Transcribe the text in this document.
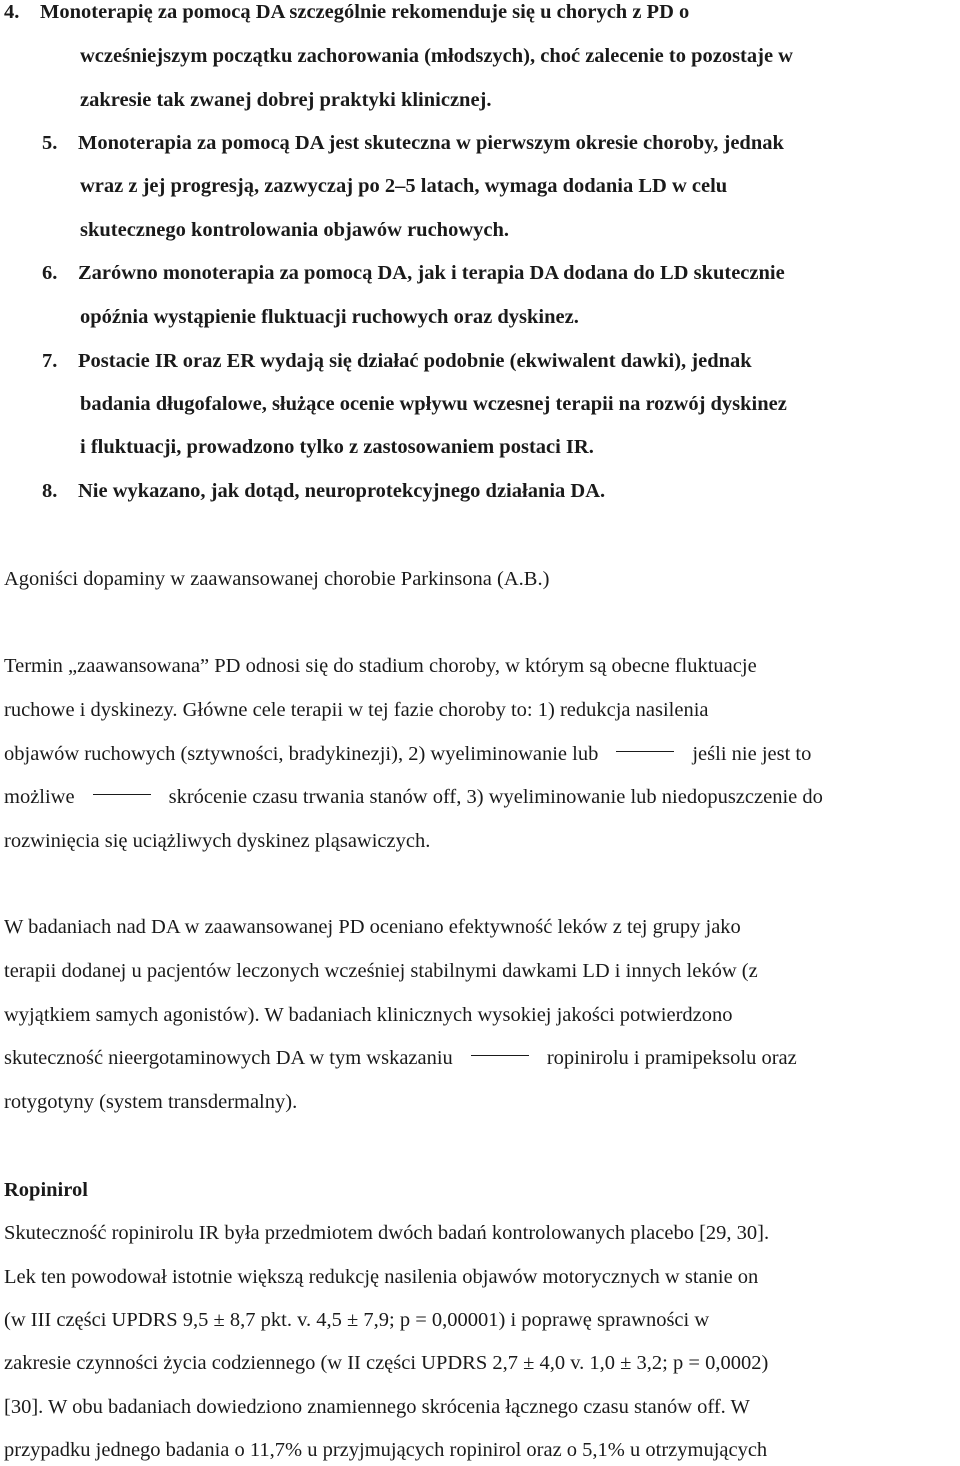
4. Monoterapię za pomocą DA szczególnie rekomenduje się u chorych z PD o
wcześniejszym początku zachorowania (młodszych), choć zalecenie to pozostaje w
zakresie tak zwanej dobrej praktyki klinicznej.
5. Monoterapia za pomocą DA jest skuteczna w pierwszym okresie choroby, jednak
wraz z jej progresją, zazwyczaj po 2–5 latach, wymaga dodania LD w celu
skutecznego kontrolowania objawów ruchowych.
6. Zarówno monoterapia za pomocą DA, jak i terapia DA dodana do LD skutecznie
opóźnia wystąpienie fluktuacji ruchowych oraz dyskinez.
7. Postacie IR oraz ER wydają się działać podobnie (ekwiwalent dawki), jednak
badania długofalowe, służące ocenie wpływu wczesnej terapii na rozwój dyskinez
i fluktuacji, prowadzono tylko z zastosowaniem postaci IR.
8. Nie wykazano, jak dotąd, neuroprotekcyjnego działania DA.
Agoniści dopaminy w zaawansowanej chorobie Parkinsona (A.B.)
Termin „zaawansowana” PD odnosi się do stadium choroby, w którym są obecne fluktuacje
ruchowe i dyskinezy. Główne cele terapii w tej fazie choroby to: 1) redukcja nasilenia
objawów ruchowych (sztywności, bradykinezji), 2) wyeliminowanie lub	jeśli nie jest to
możliwe	skrócenie czasu trwania stanów off, 3) wyeliminowanie lub niedopuszczenie do
rozwinięcia się uciążliwych dyskinez pląsawiczych.
W badaniach nad DA w zaawansowanej PD oceniano efektywność leków z tej grupy jako
terapii dodanej u pacjentów leczonych wcześniej stabilnymi dawkami LD i innych leków (z
wyjątkiem samych agonistów). W badaniach klinicznych wysokiej jakości potwierdzono
skuteczność nieergotaminowych DA w tym wskazaniu	ropinirolu i pramipeksolu oraz
rotygotyny (system transdermalny).
Ropinirol
Skuteczność ropinirolu IR była przedmiotem dwóch badań kontrolowanych placebo [29, 30].
Lek ten powodował istotnie większą redukcję nasilenia objawów motorycznych w stanie on
(w III części UPDRS 9,5 ± 8,7 pkt. v. 4,5 ± 7,9; p = 0,00001) i poprawę sprawności w
zakresie czynności życia codziennego (w II części UPDRS 2,7 ± 4,0 v. 1,0 ± 3,2; p = 0,0002)
[30]. W obu badaniach dowiedziono znamiennego skrócenia łącznego czasu stanów off. W
przypadku jednego badania o 11,7% u przyjmujących ropinirol oraz o 5,1% u otrzymujących
